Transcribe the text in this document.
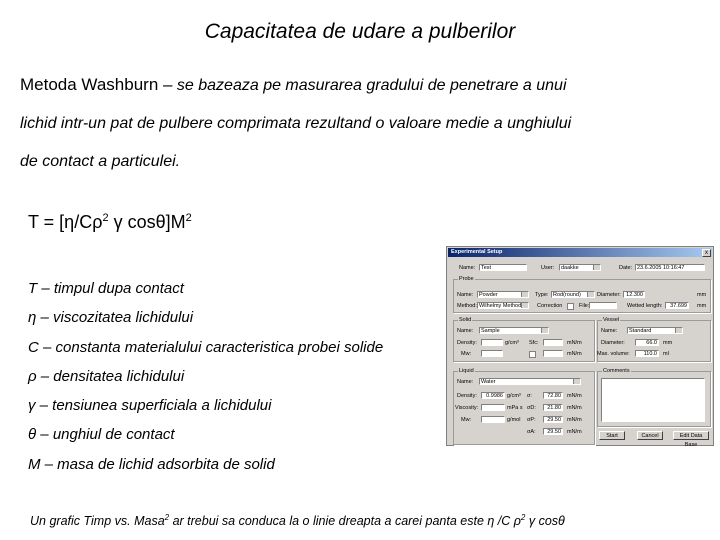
Capacitatea de udare a pulberilor
Metoda Washburn – se bazeaza pe masurarea gradului de penetrare a unui
lichid intr-un pat de pulbere comprimata rezultand o valoare medie a unghiului
de contact a particulei.
$T = [\eta/C\rho^2$ γ $\cos\theta]M^2$
T – timpul dupa contact
η – viscozitatea lichidului
C – constanta materialului caracteristica probei solide
ρ – densitatea lichidului
γ – tensiunea superficiala a lichidului
θ – unghiul de contact
M – masa de lichid adsorbita de solid
Un grafic Timp vs. Masa$^2$ ar trebui sa conduca la o linie dreapta a carei panta este η /C $\rho^2$ γ cosθ
Experimental Setup	x
Name:	Test	User:	daakke	Date: 23.6.2005 10:16:47
Probe
Name:	Powder	Type: Rod(round)	Diameter: 12.300	mm
Method: Wilhelmy Method	Correction	File:	Wetted length:	37.699	mm
Solid
Name:	Sample
Density:	g/cm³ Sfc:	mN/m
Mw:	mN/m
Vessel
Name:	Standard
Diameter:	66.0	mm
Max. volume:	110.0	ml
Liquid
Name:	Water
Density:	0.9986 g/cm³ σ:	72.80	mN/m
Viscosity:	mPa s σD:	21.80	mN/m
Mw:	g/mol σP:	29.50	mN/m
σA:	29.50	mN/m
Comments
Start	Cancel	Edit Data Base
